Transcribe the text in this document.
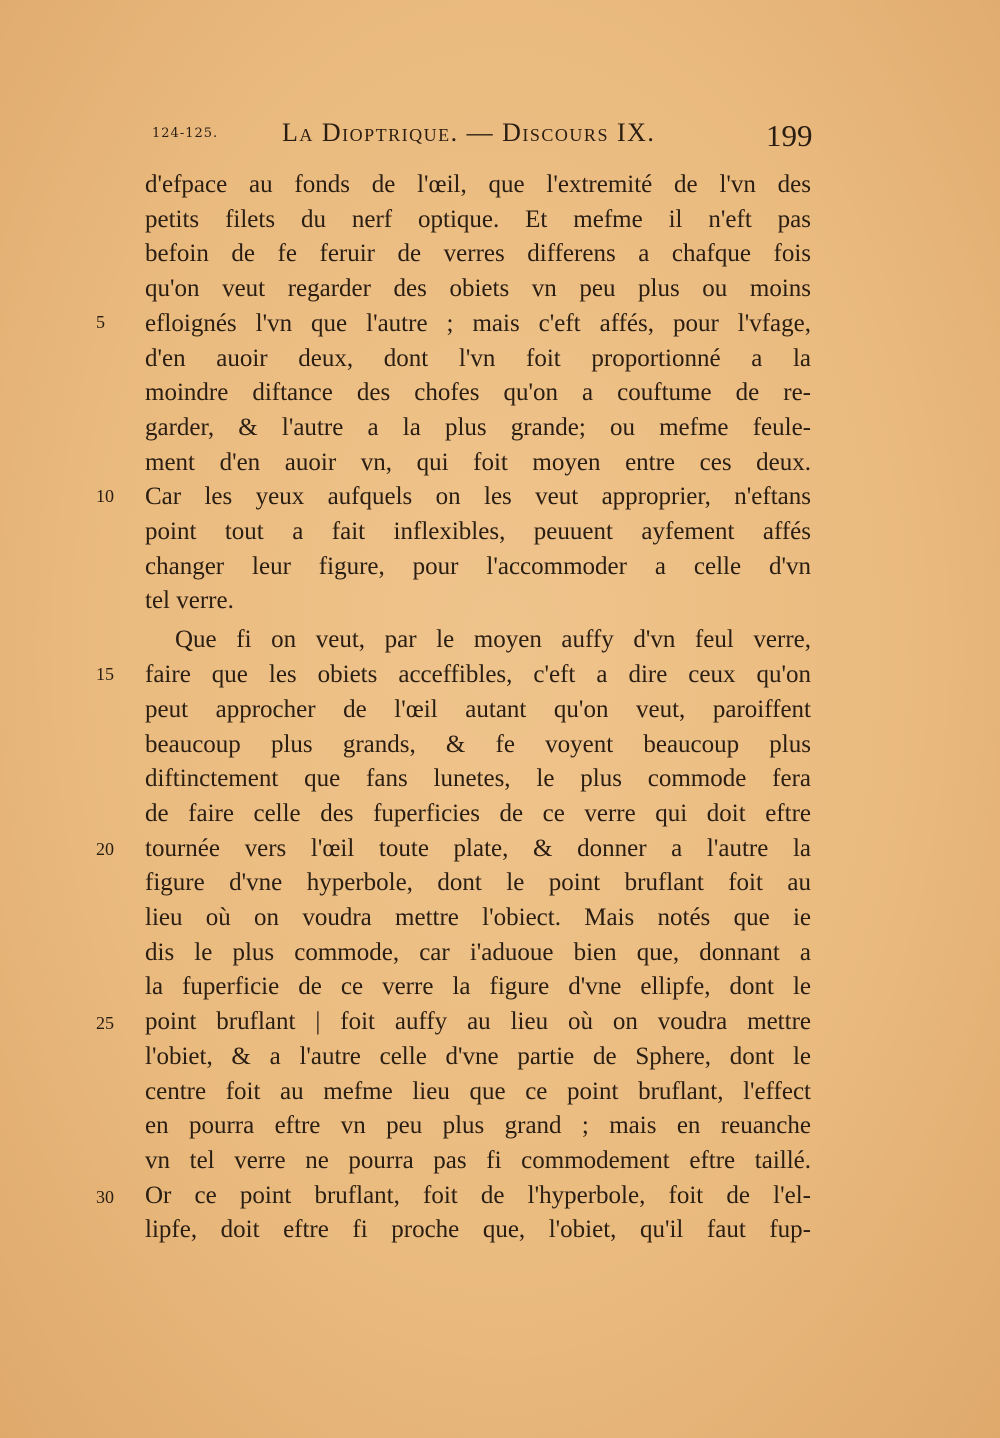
124-125. La Dioptrique. — Discours IX.	199
d'efpace au fonds de l'œil, que l'extremité de l'vn des
petits filets du nerf optique. Et mefme il n'eft pas
befoin de fe feruir de verres differens a chafque fois
qu'on veut regarder des obiets vn peu plus ou moins
efloignés l'vn que l'autre ; mais c'eft affés, pour l'vfage,
d'en auoir deux, dont l'vn foit proportionné a la
moindre diftance des chofes qu'on a couftume de re-
garder, & l'autre a la plus grande; ou mefme feule-
ment d'en auoir vn, qui foit moyen entre ces deux.
Car les yeux aufquels on les veut approprier, n'eftans
point tout a fait inflexibles, peuuent ayfement affés
changer leur figure, pour l'accommoder a celle d'vn
tel verre.
Que fi on veut, par le moyen auffy d'vn feul verre,
faire que les obiets acceffibles, c'eft a dire ceux qu'on
peut approcher de l'œil autant qu'on veut, paroiffent
beaucoup plus grands, & fe voyent beaucoup plus
diftinctement que fans lunetes, le plus commode fera
de faire celle des fuperficies de ce verre qui doit eftre
tournée vers l'œil toute plate, & donner a l'autre la
figure d'vne hyperbole, dont le point bruflant foit au
lieu où on voudra mettre l'obiect. Mais notés que ie
dis le plus commode, car i'aduoue bien que, donnant a
la fuperficie de ce verre la figure d'vne ellipfe, dont le
point bruflant | foit auffy au lieu où on voudra mettre
l'obiet, & a l'autre celle d'vne partie de Sphere, dont le
centre foit au mefme lieu que ce point bruflant, l'effect
en pourra eftre vn peu plus grand ; mais en reuanche
vn tel verre ne pourra pas fi commodement eftre taillé.
Or ce point bruflant, foit de l'hyperbole, foit de l'el-
lipfe, doit eftre fi proche que, l'obiet, qu'il faut fup-
5
10
15
20
25
30
